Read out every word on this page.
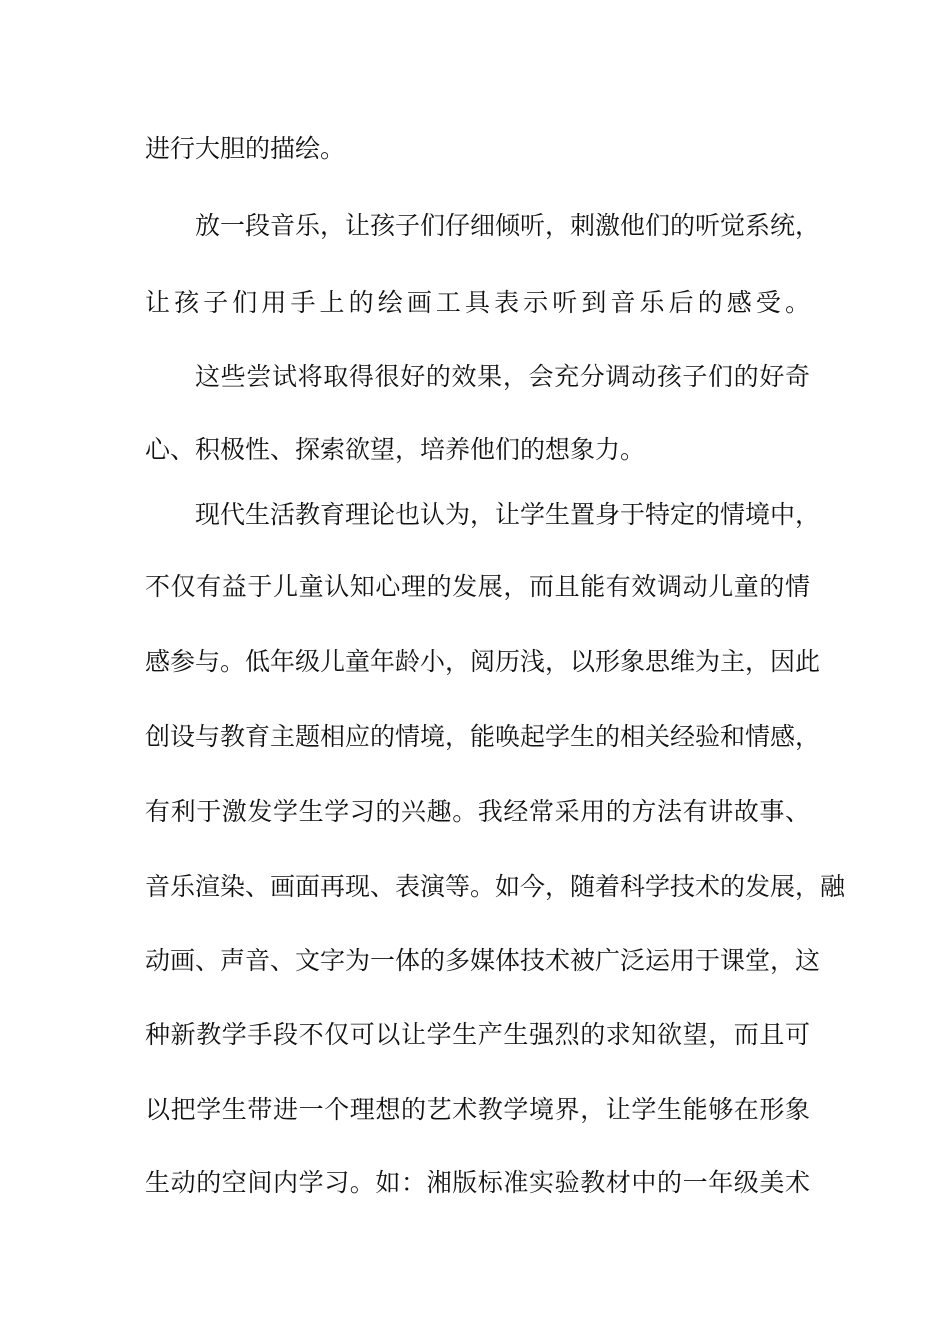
进行大胆的描绘。
放一段音乐，让孩子们仔细倾听，刺激他们的听觉系统，
让孩子们用手上的绘画工具表示听到音乐后的感受。
这些尝试将取得很好的效果，会充分调动孩子们的好奇
心、积极性、探索欲望，培养他们的想象力。
现代生活教育理论也认为，让学生置身于特定的情境中，
不仅有益于儿童认知心理的发展，而且能有效调动儿童的情
感参与。低年级儿童年龄小，阅历浅，以形象思维为主，因此
创设与教育主题相应的情境，能唤起学生的相关经验和情感，
有利于激发学生学习的兴趣。我经常采用的方法有讲故事、
音乐渲染、画面再现、表演等。如今，随着科学技术的发展，融
动画、声音、文字为一体的多媒体技术被广泛运用于课堂，这
种新教学手段不仅可以让学生产生强烈的求知欲望，而且可
以把学生带进一个理想的艺术教学境界，让学生能够在形象
生动的空间内学习。如：湘版标准实验教材中的一年级美术
